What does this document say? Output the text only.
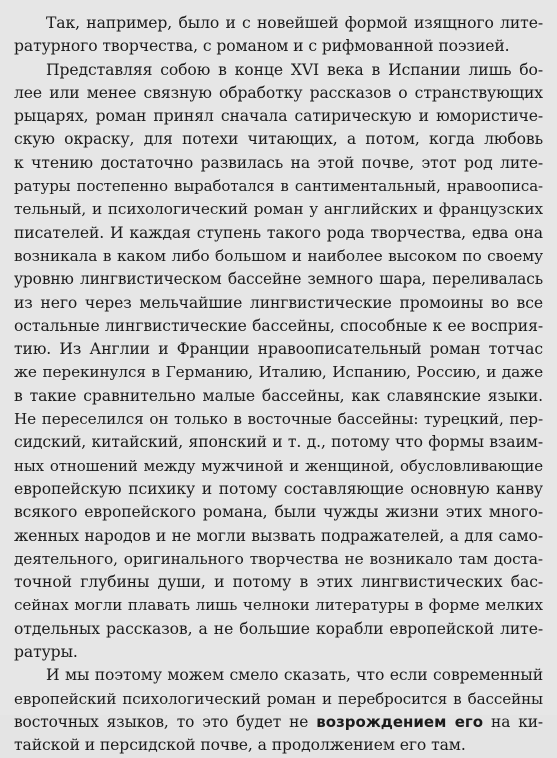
Так, например, было и с новейшей формой изящного лите-
ратурного творчества, с романом и с рифмованной поэзией.

Представляя собою в конце XVI века в Испании лишь бо-
лее или менее связную обработку рассказов о странствующих
рыцарях, роман принял сначала сатирическую и юмористиче-
скую окраску, для потехи читающих, а потом, когда любовь
к чтению достаточно развилась на этой почве, этот род лите-
ратуры постепенно выработался в сантиментальный, нравоописа-
тельный, и психологический роман у английских и французских
писателей. И каждая ступень такого рода творчества, едва она
возникала в каком либо большом и наиболее высоком по своему
уровню лингвистическом бассейне земного шара, переливалась
из него через мельчайшие лингвистические промоины во все
остальные лингвистические бассейны, способные к ее восприя-
тию. Из Англии и Франции нравоописательный роман тотчас
же перекинулся в Германию, Италию, Испанию, Россию, и даже
в такие сравнительно малые бассейны, как славянские языки.
Не переселился он только в восточные бассейны: турецкий, пер-
сидский, китайский, японский и т. д., потому что формы взаим-
ных отношений между мужчиной и женщиной, обусловливающие
европейскую психику и потому составляющие основную канву
всякого европейского романа, были чужды жизни этих много-
женных народов и не могли вызвать подражателей, а для само-
деятельного, оригинального творчества не возникало там доста-
точной глубины души, и потому в этих лингвистических бас-
сейнах могли плавать лишь челноки литературы в форме мелких
отдельных рассказов, а не большие корабли европейской лите-
ратуры.

И мы поэтому можем смело сказать, что если современный
европейский психологический роман и перебросится в бассейны
восточных языков, то это будет не возрождением его на ки-
тайской и персидской почве, а продолжением его там.
